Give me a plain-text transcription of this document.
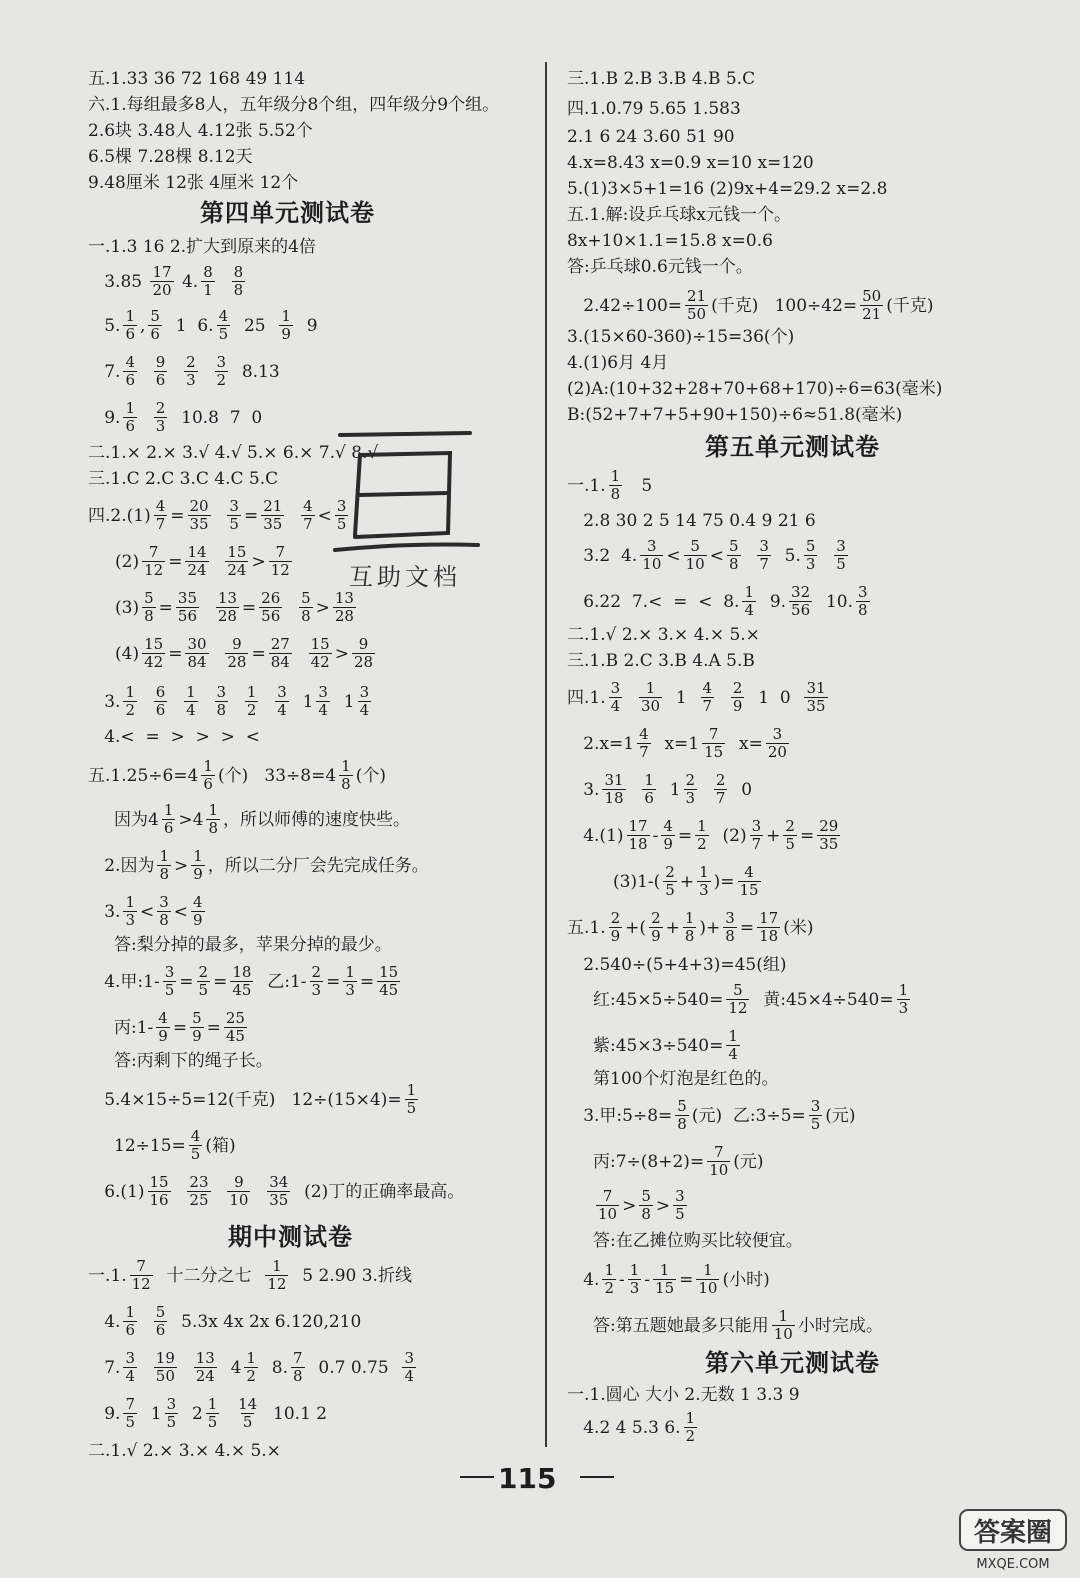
五.1.33 36 72 168 49 114
六.1.每组最多8人，五年级分8个组，四年级分9个组。
2.6块 3.48人 4.12张 5.52个
6.5棵 7.28棵 8.12天
9.48厘米 12张 4厘米 12个
第四单元测试卷
一.1.3 16 2.扩大到原来的4倍

3.85
17
20
4. 8
1

8
8
5. 1
6 , 5
6 1  6. 4
5 25 1
9 9
7. 4
6

9
6

2
3

3
2 8.13
9. 1
6

2
3 10.8  7  0
二.1.× 2.× 3.√ 4.√ 5.× 6.× 7.√ 8.√
三.1.C 2.C 3.C 4.C 5.C
四.2.(1) 4
7 = 20
35

3
5 = 21
35

4
7 < 3
5
(2) 7
12 = 14
24

15
24 > 7
12
(3) 5
8 = 35
56

13
28 = 26
56

5
8 > 13
28
(4) 15
42 = 30
84

9
28 = 27
84

15
42 > 9
28
3. 1
2

6
6

1
4

3
8

1
2

3
4 1 3
4 1 3
4
4.<  =  >  >  >  <
五.1.25÷6=4 1
6 (个)   33÷8=4 1
8 (个)
因为4 1
6 >4 1
8 ，所以师傅的速度快些。

2.因为 1
8 > 1
9 ，所以二分厂会先完成任务。
3. 1
3 < 3
8 < 4
9
答:梨分掉的最多，苹果分掉的最少。
4.甲:1- 3
5 = 2
5 = 18
45 乙:1- 2
3 = 1
3 = 15
45
丙:1- 4
9 = 5
9 = 25
45
答:丙剩下的绳子长。
5.4×15÷5=12(千克)   $12\div(15\times 4)= \frac{1}{5}$
$12\div 15= \frac{4}{5}$ (箱)
6.(1) 15
16

23
25

9
10

34
35
(2)丁的正确率最高。
期中测试卷
一.1. 7
12
十二分之七
1
12
5 2.90 3.折线
4. 1
6

5
6
5.3x 4x 2x 6.120,210
7. 3
4

19
50

13
24 4 1
2
8. 7
8
0.7 0.75
3
4
9. 7
5 1 3
5 2 1
5

14
5
10.1 2
二.1.√ 2.× 3.× 4.× 5.×
三.1.B 2.B 3.B 4.B 5.C
四.1.0.79 5.65 1.583
2.1 6 24 3.60 51 90
4.x=8.43 x=0.9 x=10 x=120
5.(1)3×5+1=16 (2)9x+4=29.2 x=2.8
五.1.解:设乒乓球x元钱一个。
8x+10×1.1=15.8 x=0.6
答:乒乓球0.6元钱一个。
$2.42\div 100= \frac{21}{50}$ (千克)   100÷42= 50
21 (千克)
3.(15×60-360)÷15=36(个)
4.(1)6月 4月
(2)A:(10+32+28+70+68+170)÷6=63(毫米)
B:(52+7+7+5+90+150)÷6≈51.8(毫米)
第五单元测试卷
一.1. 1
8 5

2.8 30 2 5 14 75 0.4 9 21 6
3.2  4. 3
10 < 5
10 < 5
8

3
7 5. 5
3

3
5
6.22  7.<  =  <  8. 1
4 9. 32
56 10. 3
8
二.1.√ 2.× 3.× 4.× 5.×
三.1.B 2.C 3.B 4.A 5.B
四.1. 3
4

1
30 1 4
7

2
9 1  0 31
35
2.x=1 4
7 x=1 7
15 x= 3
20
3. 31
18

1
6 1 2
3

2
7 0
4.(1) 17
18 - 4
9 = 1
2 (2) 3
7 + 2
5 = 29
35
(3)1-( 2
5 + 1
3 )= 4
15
五.1. 2
9 +( 2
9 + 1
8 )+ 3
8 = 17
18 (米)

2.540÷(5+4+3)=45(组)
红:45×5÷540= $\frac{5}{12}$ 黄:45×4÷540= 1
3
紫:45×3÷540= $\frac{1}{4}$
第100个灯泡是红色的。
3.甲:5÷8= $\frac{5}{8}$ (元)  乙:3÷5= 3
5 (元)
丙:7÷(8+2)= $\frac{7}{10}$ (元)
7
10 > 5
8 > 3
5
答:在乙摊位购买比较便宜。
4. 1
2 - 1
3 - 1
15 = 1
10 (小时)
答:第五题她最多只能用 1
10 小时完成。
第六单元测试卷
一.1.圆心 大小 2.无数 1 3.3 9

4.2 4 5.3 6. 1
2
互助文档
115
答案圈
MXQE.COM
